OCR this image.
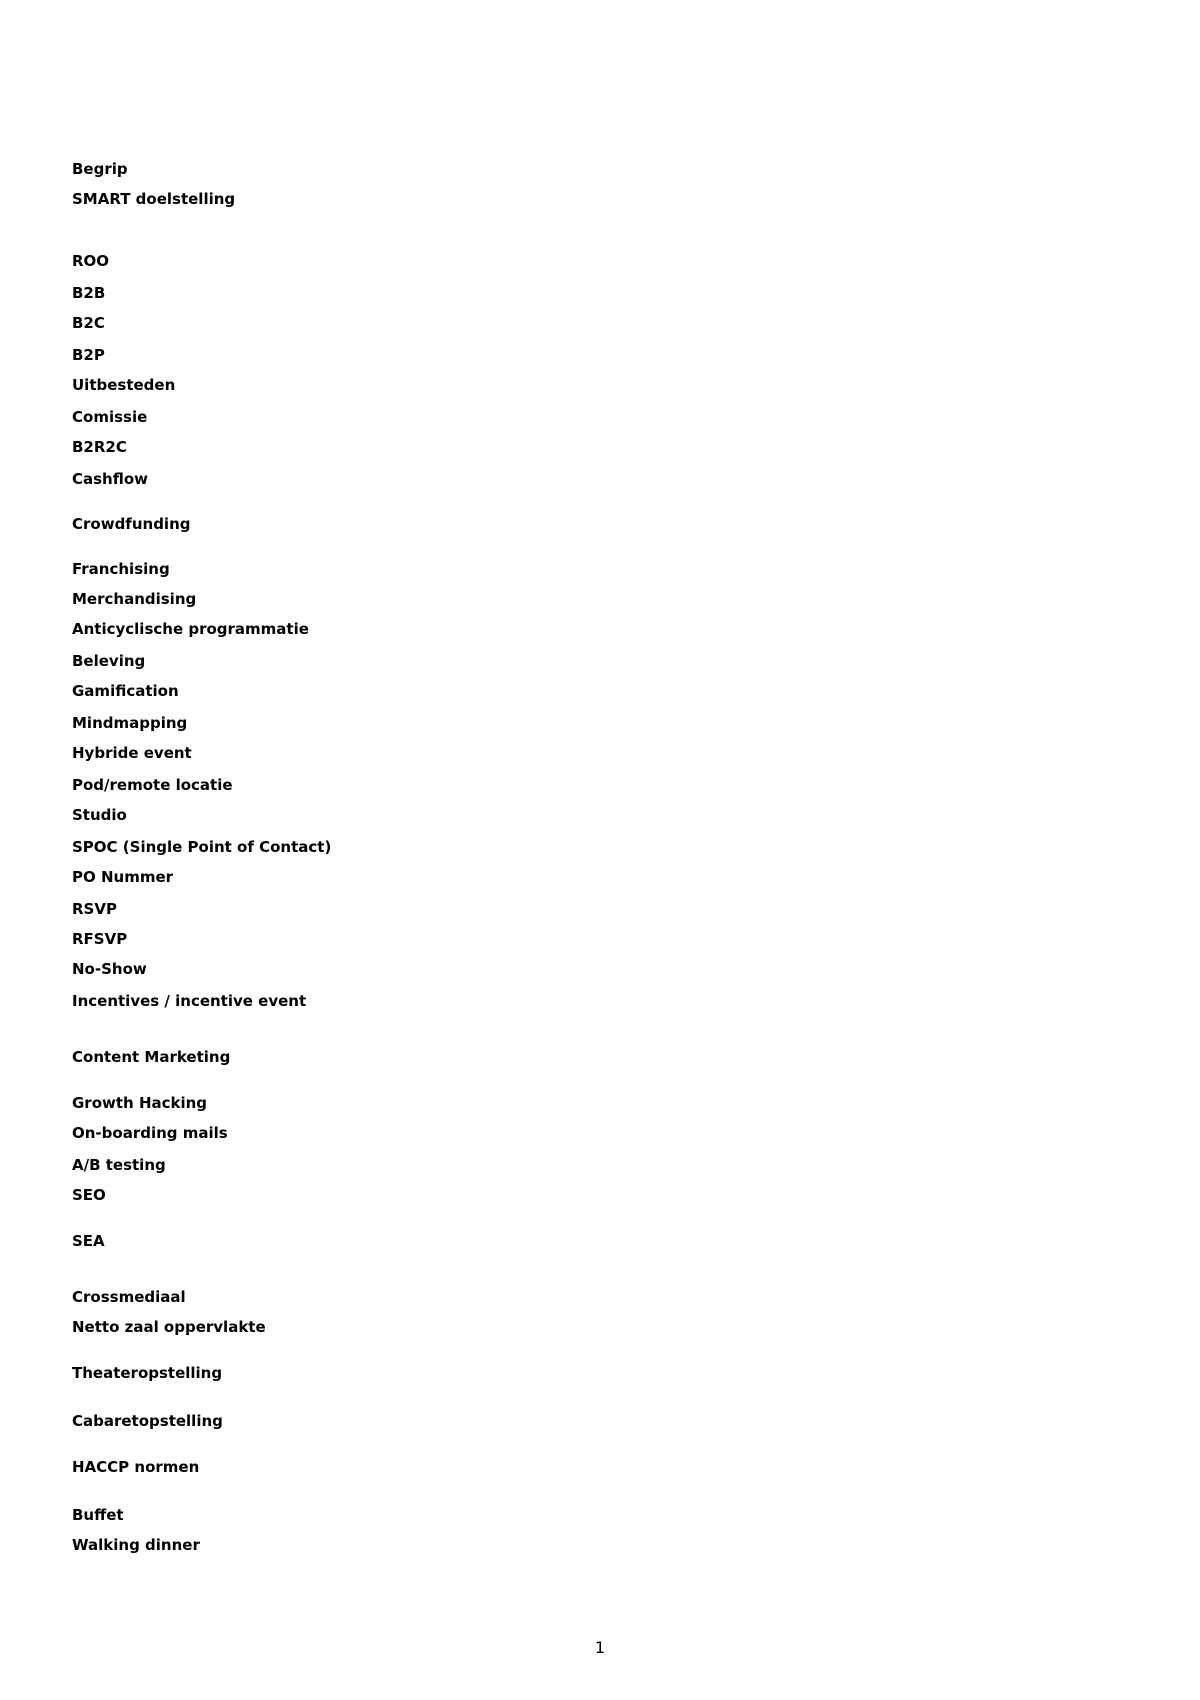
Begrip
SMART doelstelling
ROO
B2B
B2C
B2P
Uitbesteden
Comissie
B2R2C
Cashflow
Crowdfunding
Franchising
Merchandising
Anticyclische programmatie
Beleving
Gamification
Mindmapping
Hybride event
Pod/remote locatie
Studio
SPOC (Single Point of Contact)
PO Nummer
RSVP
RFSVP
No-Show
Incentives / incentive event
Content Marketing
Growth Hacking
On-boarding mails
A/B testing
SEO
SEA
Crossmediaal
Netto zaal oppervlakte
Theateropstelling
Cabaretopstelling
HACCP normen
Buffet
Walking dinner
1
